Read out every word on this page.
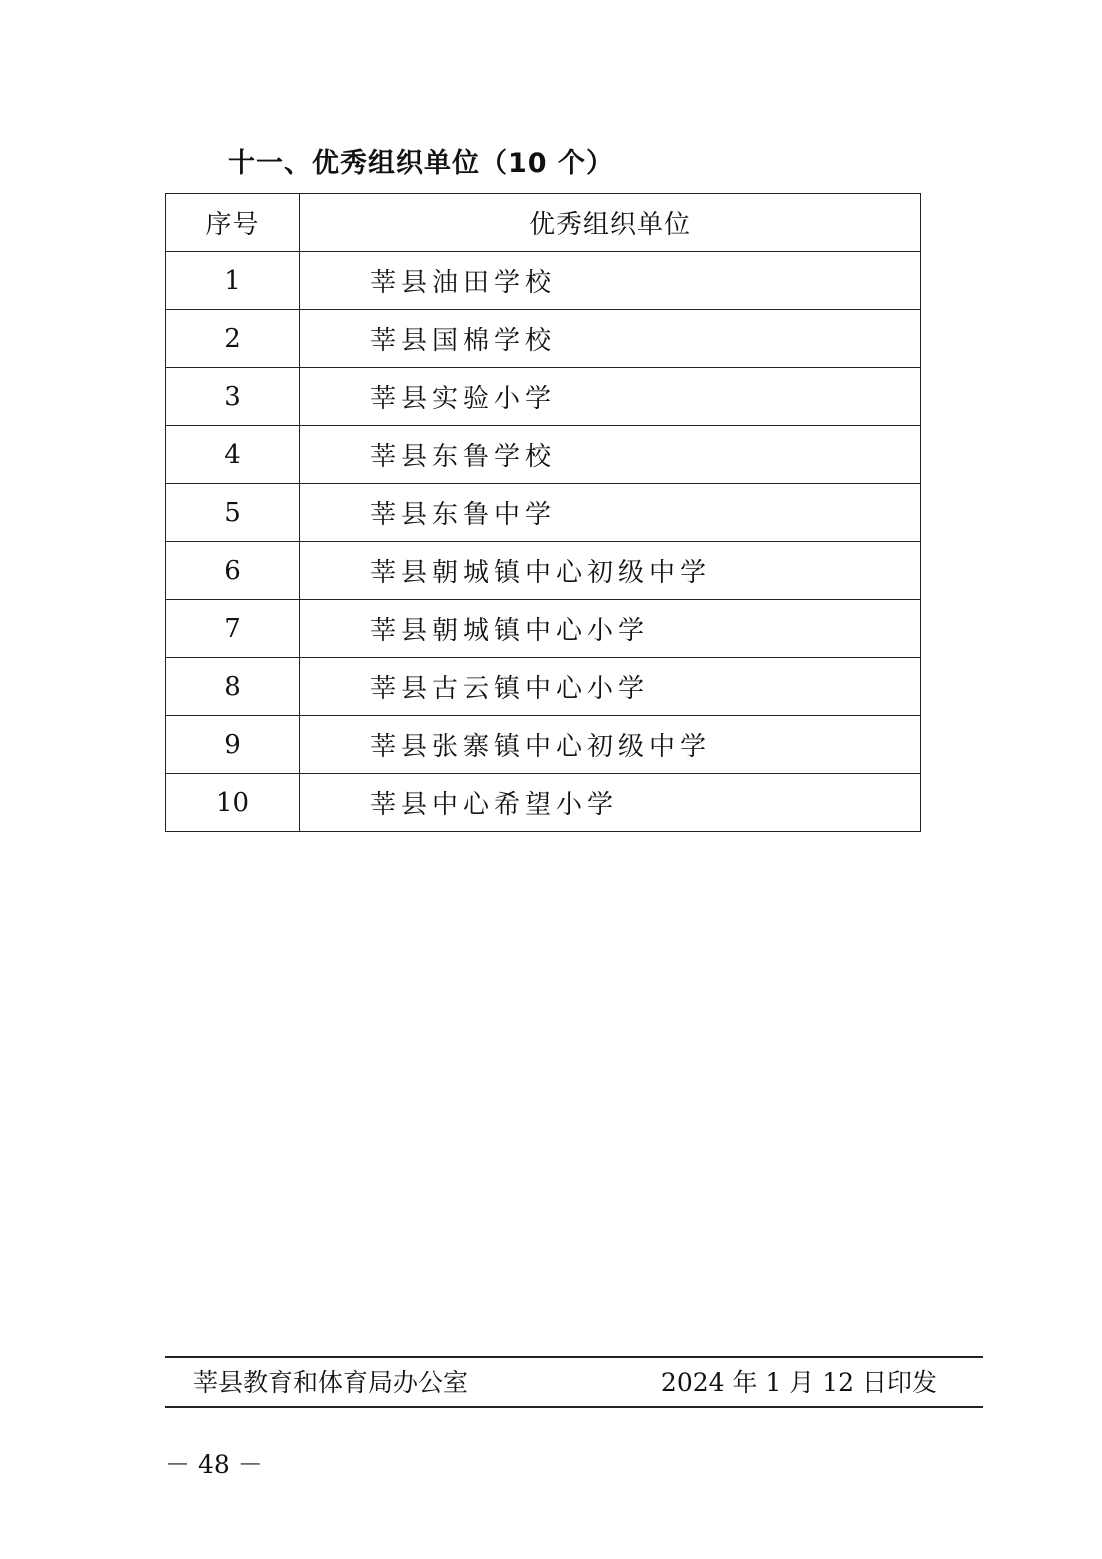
十一、优秀组织单位（10 个）
序号	优秀组织单位
1	莘县油田学校
2	莘县国棉学校
3	莘县实验小学
4	莘县东鲁学校
5	莘县东鲁中学
6	莘县朝城镇中心初级中学
7	莘县朝城镇中心小学
8	莘县古云镇中心小学
9	莘县张寨镇中心初级中学
10	莘县中心希望小学
莘县教育和体育局办公室	2024 年 1 月 12 日印发
－ 48 －
